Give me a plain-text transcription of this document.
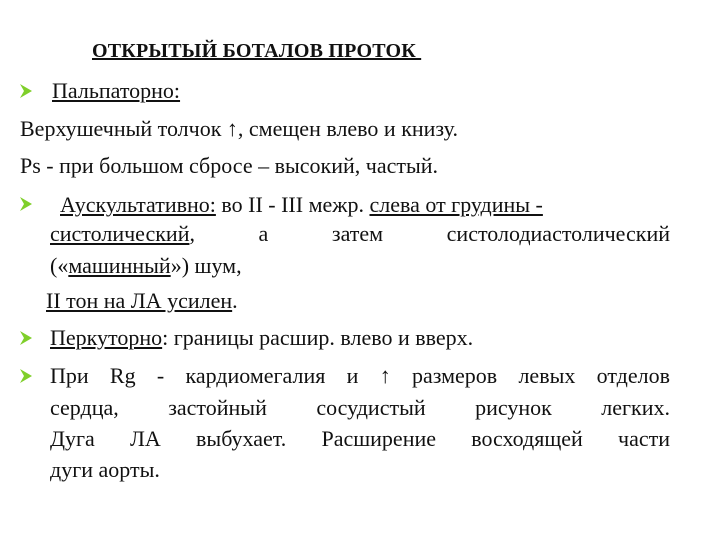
ОТКРЫТЫЙ БОТАЛОВ ПРОТОК
Пальпаторно:
Верхушечный толчок ↑, смещен влево и книзу.
Ps - при большом сбросе – высокий, частый.
Аускультативно: во II - III межр. слева от грудины -
систолический, а затем систолодиастолический
(«машинный») шум,
II тон на ЛА усилен.
Перкуторно: границы расшир. влево и вверх.
При Rg - кардиомегалия и ↑ размеров левых отделов
сердца, застойный сосудистый рисунок легких.
Дуга ЛА выбухает. Расширение восходящей части
дуги аорты.
